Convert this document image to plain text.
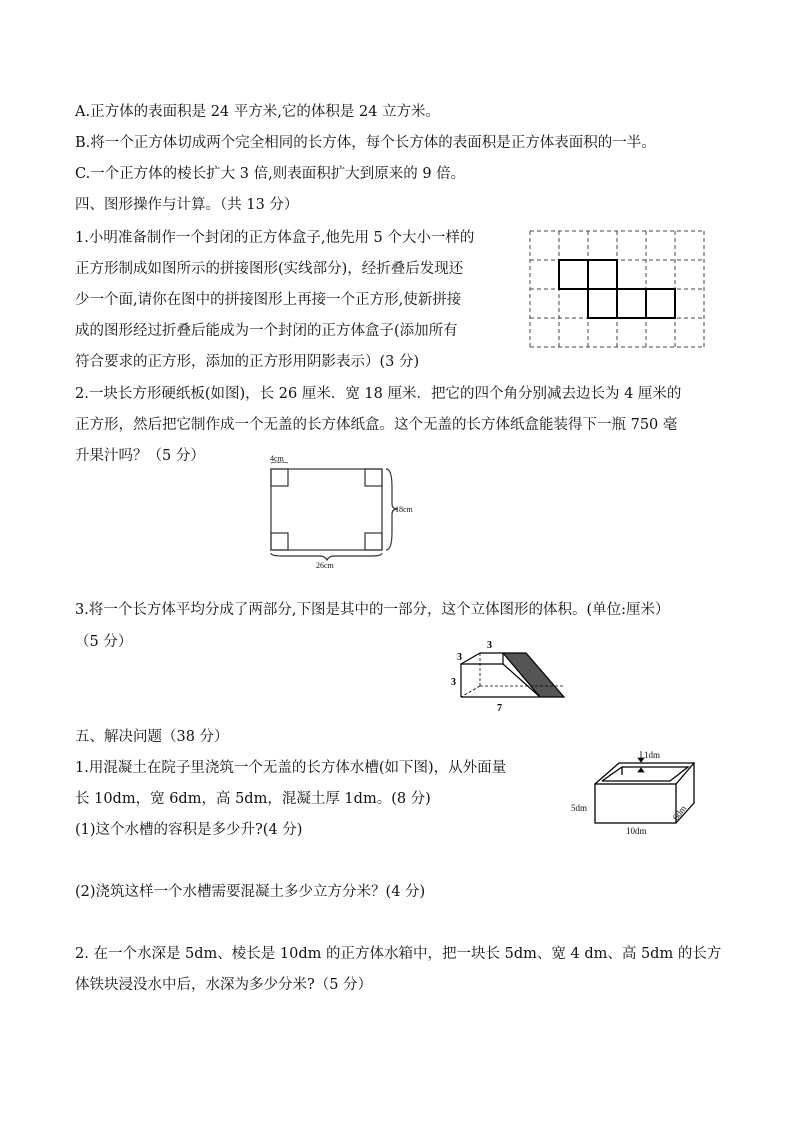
A.正方体的表面积是 24 平方米,它的体积是 24 立方米。
B.将一个正方体切成两个完全相同的长方体，每个长方体的表面积是正方体表面积的一半。
C.一个正方体的棱长扩大 3 倍,则表面积扩大到原来的 9 倍。
四、图形操作与计算。（共 13 分）
1.小明准备制作一个封闭的正方体盒子,他先用 5 个大小一样的
正方形制成如图所示的拼接图形(实线部分)，经折叠后发现还
少一个面,请你在图中的拼接图形上再接一个正方形,使新拼接
成的图形经过折叠后能成为一个封闭的正方体盒子(添加所有
符合要求的正方形，添加的正方形用阴影表示）(3 分)
2.一块长方形硬纸板(如图)，长 26 厘米．宽 18 厘米．把它的四个角分别减去边长为 4 厘米的
正方形，然后把它制作成一个无盖的长方体纸盒。这个无盖的长方体纸盒能装得下一瓶 750 毫
升果汁吗？（5 分）	4cm
18cm
26cm
3.将一个长方体平均分成了两部分,下图是其中的一部分，这个立体图形的体积。(单位:厘米）
（5 分）	3
3
3
7
五、解决问题（38 分）
1.用混凝土在院子里浇筑一个无盖的长方体水槽(如下图)，从外面量
长 10dm，宽 6dm，高 5dm，混凝土厚 1dm。(8 分)
(1)这个水槽的容积是多少升?(4 分)
1dm
5dm
10dm
6dm
(2)浇筑这样一个水槽需要混凝土多少立方分米？(4 分)
2. 在一个水深是 5dm、棱长是 10dm 的正方体水箱中，把一块长 5dm、宽 4 dm、高 5dm 的长方
体铁块浸没水中后，水深为多少分米?（5 分）
